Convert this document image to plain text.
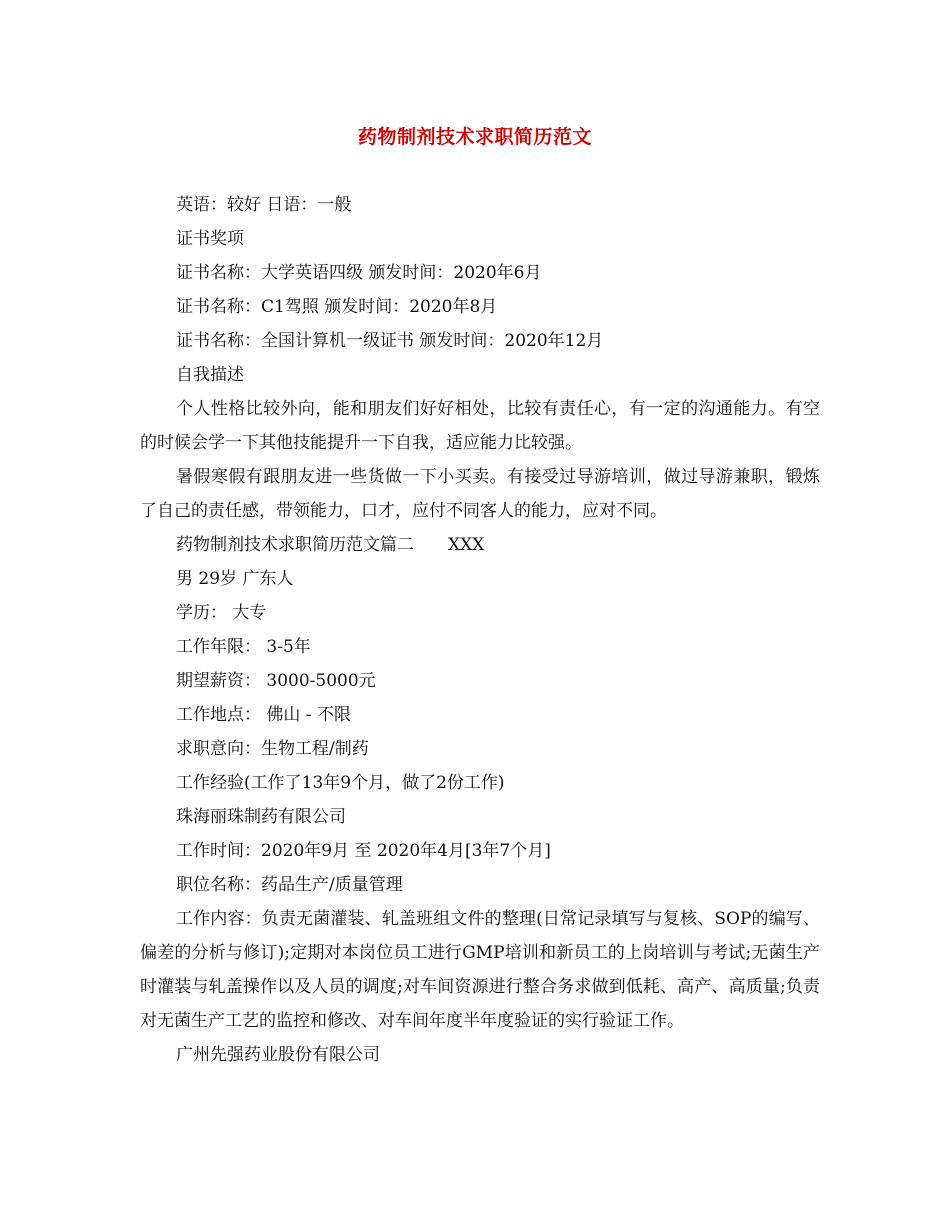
药物制剂技术求职简历范文
英语：较好 日语：一般
证书奖项
证书名称：大学英语四级 颁发时间：2020年6月
证书名称：C1驾照 颁发时间：2020年8月
证书名称：全国计算机一级证书 颁发时间：2020年12月
自我描述

个人性格比较外向，能和朋友们好好相处，比较有责任心，有一定的沟通能力。有空的时候会学一下其他技能提升一下自我，适应能力比较强。

暑假寒假有跟朋友进一些货做一下小买卖。有接受过导游培训，做过导游兼职，锻炼了自己的责任感，带领能力，口才，应付不同客人的能力，应对不同。

药物制剂技术求职简历范文篇二　　XXX
男 29岁 广东人
学历： 大专
工作年限： 3-5年
期望薪资： 3000-5000元
工作地点： 佛山 - 不限
求职意向：生物工程/制药
工作经验(工作了13年9个月，做了2份工作)
珠海丽珠制药有限公司
工作时间：2020年9月 至 2020年4月[3年7个月]
职位名称：药品生产/质量管理

工作内容：负责无菌灌装、轧盖班组文件的整理(日常记录填写与复核、SOP的编写、偏差的分析与修订);定期对本岗位员工进行GMP培训和新员工的上岗培训与考试;无菌生产时灌装与轧盖操作以及人员的调度;对车间资源进行整合务求做到低耗、高产、高质量;负责对无菌生产工艺的监控和修改、对车间年度半年度验证的实行验证工作。

广州先强药业股份有限公司
